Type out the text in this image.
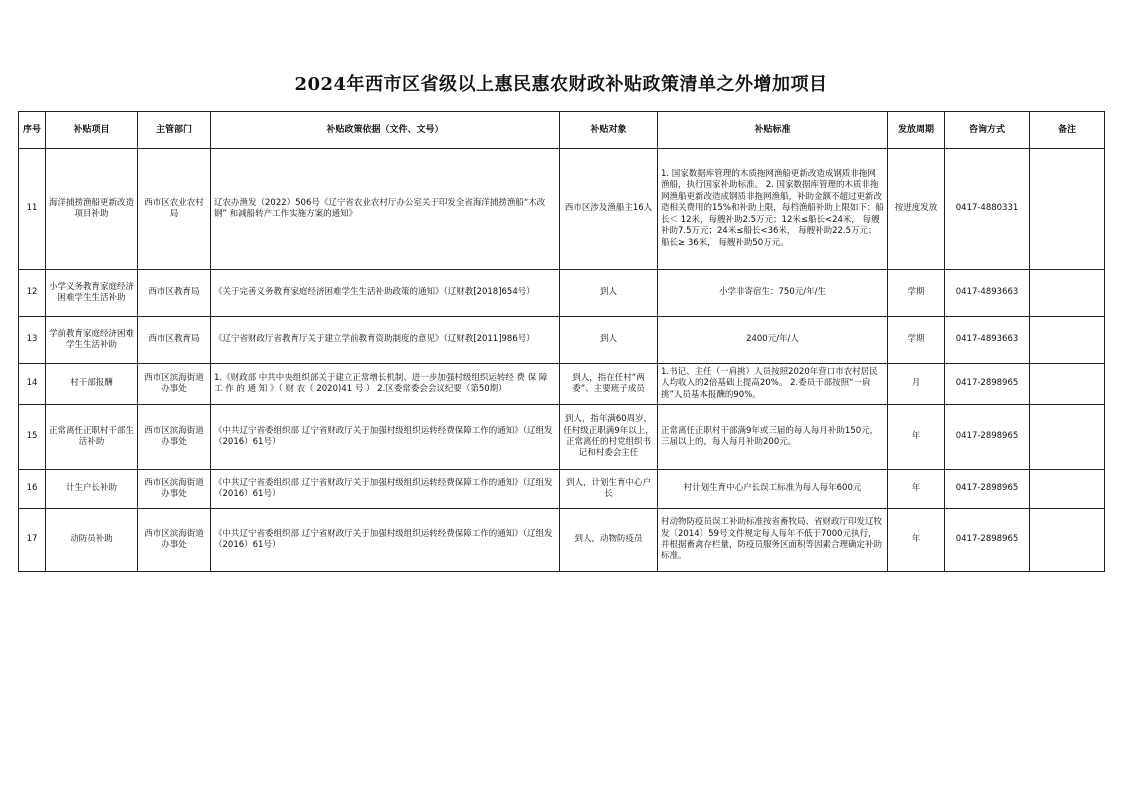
2024年西市区省级以上惠民惠农财政补贴政策清单之外增加项目
序号	补贴项目	主管部门	补贴政策依据（文件、文号）	补贴对象	补贴标准	发放周期	咨询方式	备注
11	海洋捕捞渔船更新改造项目补助	西市区农业农村局	辽农办渔发（2022）506号《辽宁省农业农村厅办公室关于印发全省海洋捕捞渔船“木改钢” 和减船转产工作实施方案的通知》	西市区涉及渔船主16人	1. 国家数据库管理的木质拖网渔船更新改造成钢质非拖网渔船，执行国家补助标准。 2. 国家数据库管理的木质非拖网渔船更新改造成钢质非拖网渔船，补助金额不超过更新改造相关费用的15%和补助上限，每档渔船补助上限如下：船长＜ 12米，每艘补助2.5万元；12米≤船长<24米， 每艘 补助7.5万元；24米≤船长<36米， 每艘补助22.5万元；船长≥ 36米， 每艘补助50万元。	按进度发放	0417-4880331	
12	小学义务教育家庭经济困难学生生活补助	西市区教育局	《关于完善义务教育家庭经济困难学生生活补助政策的通知》（辽财教[2018]654号）	到人	小学非寄宿生：750元/年/生	学期	0417-4893663	
13	学前教育家庭经济困难学生生活补助	西市区教育局	《辽宁省财政厅省教育厅关于建立学前教育资助制度的意见》（辽财教[2011]986号）	到人	2400元/年/人	学期	0417-4893663	
14	村干部报酬	西市区滨海街道办事处	1.《财政部 中共中央组织部关于建立正常增长机制、进一步加强村级组织运转经 费 保 障 工 作 的 通 知 》（ 财 农（ 2020)41 号 ） 2.区委常委会会议纪要（第50期）	到人，指在任村“两委”、主要班子成员	1.书记、主任（一肩挑）人员按照2020年营口市农村居民人均收入的2倍基础上提高20%。 2.委员干部按照“一肩挑”人员基本报酬的90%。	月	0417-2898965	
15	正常离任正职村干部生活补助	西市区滨海街道办事处	《中共辽宁省委组织部 辽宁省财政厅关于加强村级组织运转经费保障工作的通知》（辽组发（2016）61号）	到人，指年满60周岁，任村级正职满9年以上，正常离任的村党组织书记和村委会主任	正常离任正职村干部满9年或三届的每人每月补助150元，三届以上的，每人每月补助200元。	年	0417-2898965	
16	计生户长补助	西市区滨海街道办事处	《中共辽宁省委组织部 辽宁省财政厅关于加强村级组织运转经费保障工作的通知》（辽组发（2016）61号）	到人，计划生育中心户长	村计划生育中心户长误工标准为每人每年600元	年	0417-2898965	
17	动防员补助	西市区滨海街道办事处	《中共辽宁省委组织部 辽宁省财政厅关于加强村级组织运转经费保障工作的通知》（辽组发（2016）61号）	到人，动物防疫员	村动物防疫员误工补助标准按省畜牧局、省财政厅印发辽牧发〔2014〕59号文件规定每人每年不低于7000元执行，并根据畜禽存栏量，防疫员服务区面积等因素合理确定补助标准。	年	0417-2898965	
